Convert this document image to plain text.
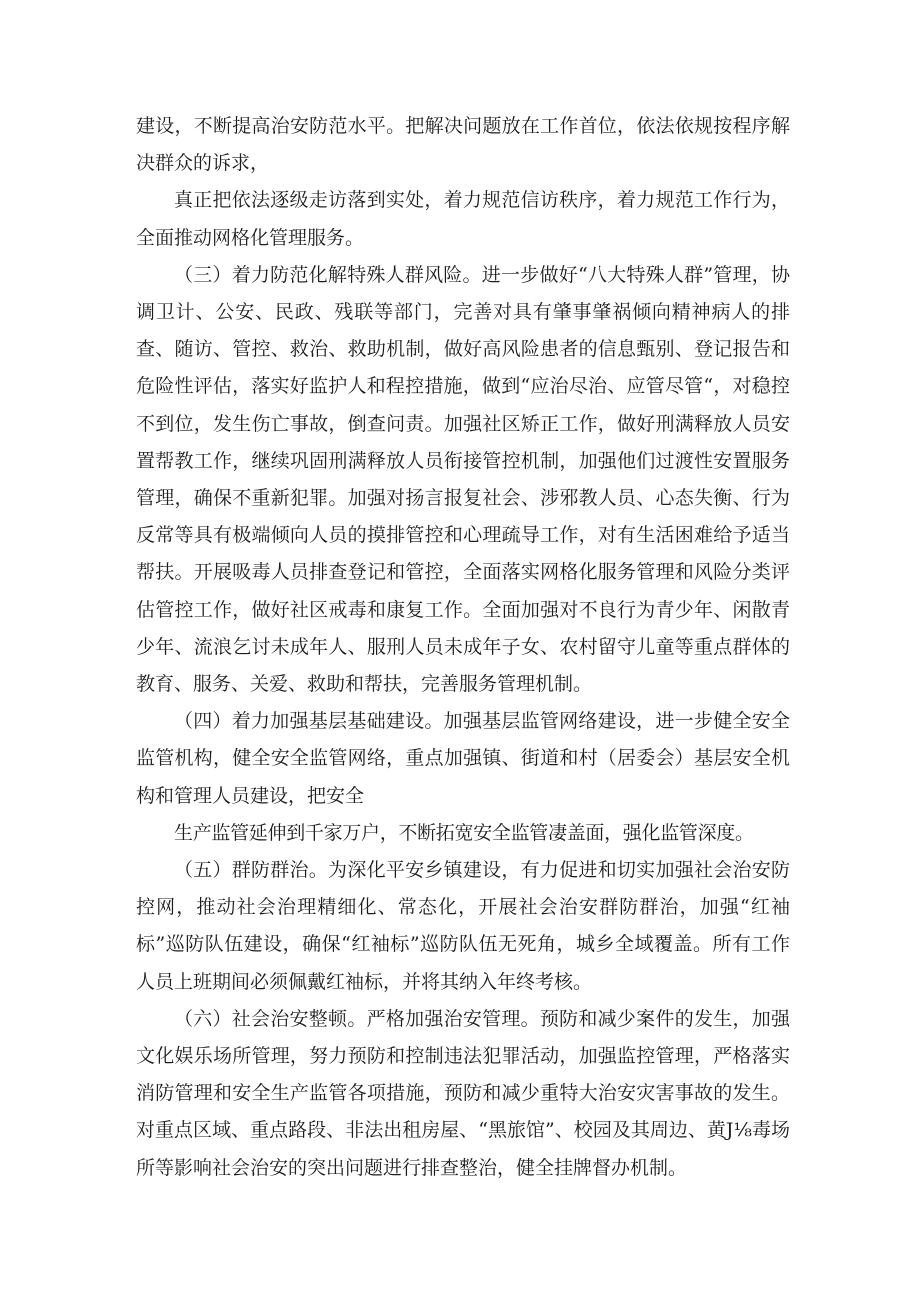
建设，不断提高治安防范水平。把解决问题放在工作首位，依法依规按程序解决群众的诉求，

真正把依法逐级走访落到实处，着力规范信访秩序，着力规范工作行为，全面推动网格化管理服务。

（三）着力防范化解特殊人群风险。进一步做好“八大特殊人群”管理，协调卫计、公安、民政、残联等部门，完善对具有肇事肇祸倾向精神病人的排查、随访、管控、救治、救助机制，做好高风险患者的信息甄别、登记报告和危险性评估，落实好监护人和程控措施，做到“应治尽治、应管尽管“，对稳控不到位，发生伤亡事故，倒查问责。加强社区矫正工作，做好刑满释放人员安置帮教工作，继续巩固刑满释放人员衔接管控机制，加强他们过渡性安置服务管理，确保不重新犯罪。加强对扬言报复社会、涉邪教人员、心态失衡、行为反常等具有极端倾向人员的摸排管控和心理疏导工作，对有生活困难给予适当帮扶。开展吸毒人员排查登记和管控，全面落实网格化服务管理和风险分类评估管控工作，做好社区戒毒和康复工作。全面加强对不良行为青少年、闲散青少年、流浪乞讨未成年人、服刑人员未成年子女、农村留守儿童等重点群体的教育、服务、关爱、救助和帮扶，完善服务管理机制。

（四）着力加强基层基础建设。加强基层监管网络建设，进一步健全安全监管机构，健全安全监管网络，重点加强镇、街道和村（居委会）基层安全机构和管理人员建设，把安全

生产监管延伸到千家万户，不断拓宽安全监管凄盖面，强化监管深度。

（五）群防群治。为深化平安乡镇建设，有力促进和切实加强社会治安防控网，推动社会治理精细化、常态化，开展社会治安群防群治，加强“红袖标”巡防队伍建设，确保“红袖标”巡防队伍无死角，城乡全域覆盖。所有工作人员上班期间必须佩戴红袖标，并将其纳入年终考核。

（六）社会治安整顿。严格加强治安管理。预防和减少案件的发生，加强文化娱乐场所管理，努力预防和控制违法犯罪活动，加强监控管理，严格落实消防管理和安全生产监管各项措施，预防和减少重特大治安灾害事故的发生。对重点区域、重点路段、非法出租房屋、“黑旅馆”、校园及其周边、黄J⅛毒场所等影响社会治安的突出问题进行排查整治，健全挂牌督办机制。
